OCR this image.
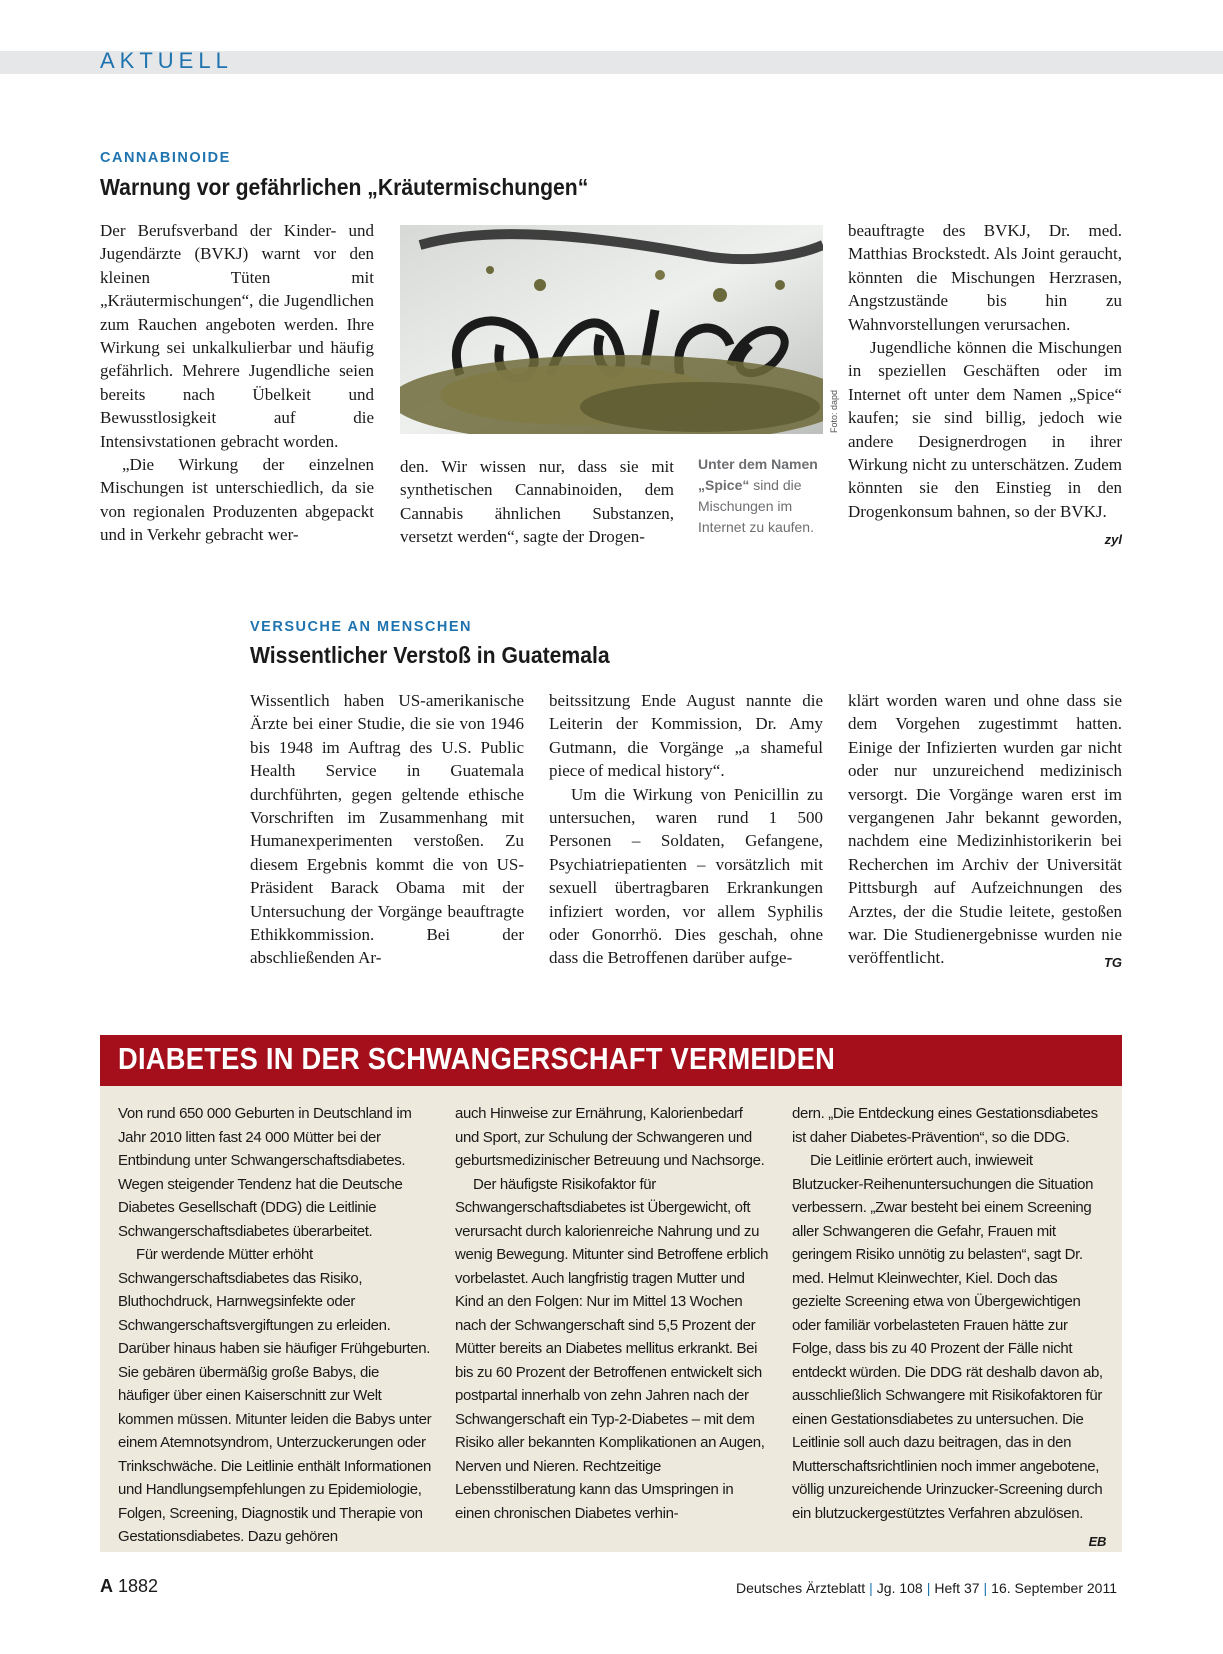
AKTUELL
CANNABINOIDE
Warnung vor gefährlichen „Kräutermischungen“

Der Berufsverband der Kinder- und Jugendärzte (BVKJ) warnt vor den kleinen Tüten mit „Kräutermischungen“, die Jugendlichen zum Rauchen angeboten werden. Ihre Wirkung sei unkalkulierbar und häufig gefährlich. Mehrere Jugendliche seien bereits nach Übelkeit und Bewusstlosigkeit auf die Intensivstationen gebracht worden.

„Die Wirkung der einzelnen Mischungen ist unterschiedlich, da sie von regionalen Produzenten abgepackt und in Verkehr gebracht wer-

Foto: dapd

den. Wir wissen nur, dass sie mit synthetischen Cannabinoiden, dem Cannabis ähnlichen Substanzen, versetzt werden“, sagte der Drogen-

Unter dem Namen „Spice“ sind die Mischungen im Internet zu kaufen.

beauftragte des BVKJ, Dr. med. Matthias Brockstedt. Als Joint geraucht, könnten die Mischungen Herzrasen, Angstzustände bis hin zu Wahnvorstellungen verursachen.

Jugendliche können die Mischungen in speziellen Geschäften oder im Internet oft unter dem Namen „Spice“ kaufen; sie sind billig, jedoch wie andere Designerdrogen in ihrer Wirkung nicht zu unterschätzen. Zudem könnten sie den Einstieg in den Drogenkonsum bahnen, so der BVKJ.
zyl

VERSUCHE AN MENSCHEN
Wissentlicher Verstoß in Guatemala

Wissentlich haben US-amerikanische Ärzte bei einer Studie, die sie von 1946 bis 1948 im Auftrag des U.S. Public Health Service in Guatemala durchführten, gegen geltende ethische Vorschriften im Zusammenhang mit Humanexperimenten verstoßen. Zu diesem Ergebnis kommt die von US-Präsident Barack Obama mit der Untersuchung der Vorgänge beauftragte Ethikkommission. Bei der abschließenden Ar-

beitssitzung Ende August nannte die Leiterin der Kommission, Dr. Amy Gutmann, die Vorgänge „a shameful piece of medical history“.

Um die Wirkung von Penicillin zu untersuchen, waren rund 1 500 Personen – Soldaten, Gefangene, Psychiatriepatienten – vorsätzlich mit sexuell übertragbaren Erkrankungen infiziert worden, vor allem Syphilis oder Gonorrhö. Dies geschah, ohne dass die Betroffenen darüber aufge-

klärt worden waren und ohne dass sie dem Vorgehen zugestimmt hatten. Einige der Infizierten wurden gar nicht oder nur unzureichend medizinisch versorgt. Die Vorgänge waren erst im vergangenen Jahr bekannt geworden, nachdem eine Medizinhistorikerin bei Recherchen im Archiv der Universität Pittsburgh auf Aufzeichnungen des Arztes, der die Studie leitete, gestoßen war. Die Studienergebnisse wurden nie veröffentlicht.	TG

DIABETES IN DER SCHWANGERSCHAFT VERMEIDEN

Von rund 650 000 Geburten in Deutschland im Jahr 2010 litten fast 24 000 Mütter bei der Entbindung unter Schwangerschaftsdiabetes. Wegen steigender Tendenz hat die Deutsche Diabetes Gesellschaft (DDG) die Leitlinie Schwangerschaftsdiabetes überarbeitet.

Für werdende Mütter erhöht Schwangerschaftsdiabetes das Risiko, Bluthochdruck, Harnwegsinfekte oder Schwangerschaftsvergiftungen zu erleiden. Darüber hinaus haben sie häufiger Frühgeburten. Sie gebären übermäßig große Babys, die häufiger über einen Kaiserschnitt zur Welt kommen müssen. Mitunter leiden die Babys unter einem Atemnotsyndrom, Unterzuckerungen oder Trinkschwäche. Die Leitlinie enthält Informationen und Handlungsempfehlungen zu Epidemiologie, Folgen, Screening, Diagnostik und Therapie von Gestationsdiabetes. Dazu gehören

auch Hinweise zur Ernährung, Kalorienbedarf und Sport, zur Schulung der Schwangeren und geburtsmedizinischer Betreuung und Nachsorge.

Der häufigste Risikofaktor für Schwangerschaftsdiabetes ist Übergewicht, oft verursacht durch kalorienreiche Nahrung und zu wenig Bewegung. Mitunter sind Betroffene erblich vorbelastet. Auch langfristig tragen Mutter und Kind an den Folgen: Nur im Mittel 13 Wochen nach der Schwangerschaft sind 5,5 Prozent der Mütter bereits an Diabetes mellitus erkrankt. Bei bis zu 60 Prozent der Betroffenen entwickelt sich postpartal innerhalb von zehn Jahren nach der Schwangerschaft ein Typ-2-Diabetes – mit dem Risiko aller bekannten Komplikationen an Augen, Nerven und Nieren. Rechtzeitige Lebensstilberatung kann das Umspringen in einen chronischen Diabetes verhin-

dern. „Die Entdeckung eines Gestationsdiabetes ist daher Diabetes-Prävention“, so die DDG.

Die Leitlinie erörtert auch, inwieweit Blutzucker-Reihenuntersuchungen die Situation verbessern. „Zwar besteht bei einem Screening aller Schwangeren die Gefahr, Frauen mit geringem Risiko unnötig zu belasten“, sagt Dr. med. Helmut Kleinwechter, Kiel. Doch das gezielte Screening etwa von Übergewichtigen oder familiär vorbelasteten Frauen hätte zur Folge, dass bis zu 40 Prozent der Fälle nicht entdeckt würden. Die DDG rät deshalb davon ab, ausschließlich Schwangere mit Risikofaktoren für einen Gestationsdiabetes zu untersuchen. Die Leitlinie soll auch dazu beitragen, das in den Mutterschaftsrichtlinien noch immer angebotene, völlig unzureichende Urinzucker-Screening durch ein blutzuckergestütztes Verfahren abzulösen.
EB

A 1882	Deutsches Ärzteblatt | Jg. 108 | Heft 37 | 16. September 2011
